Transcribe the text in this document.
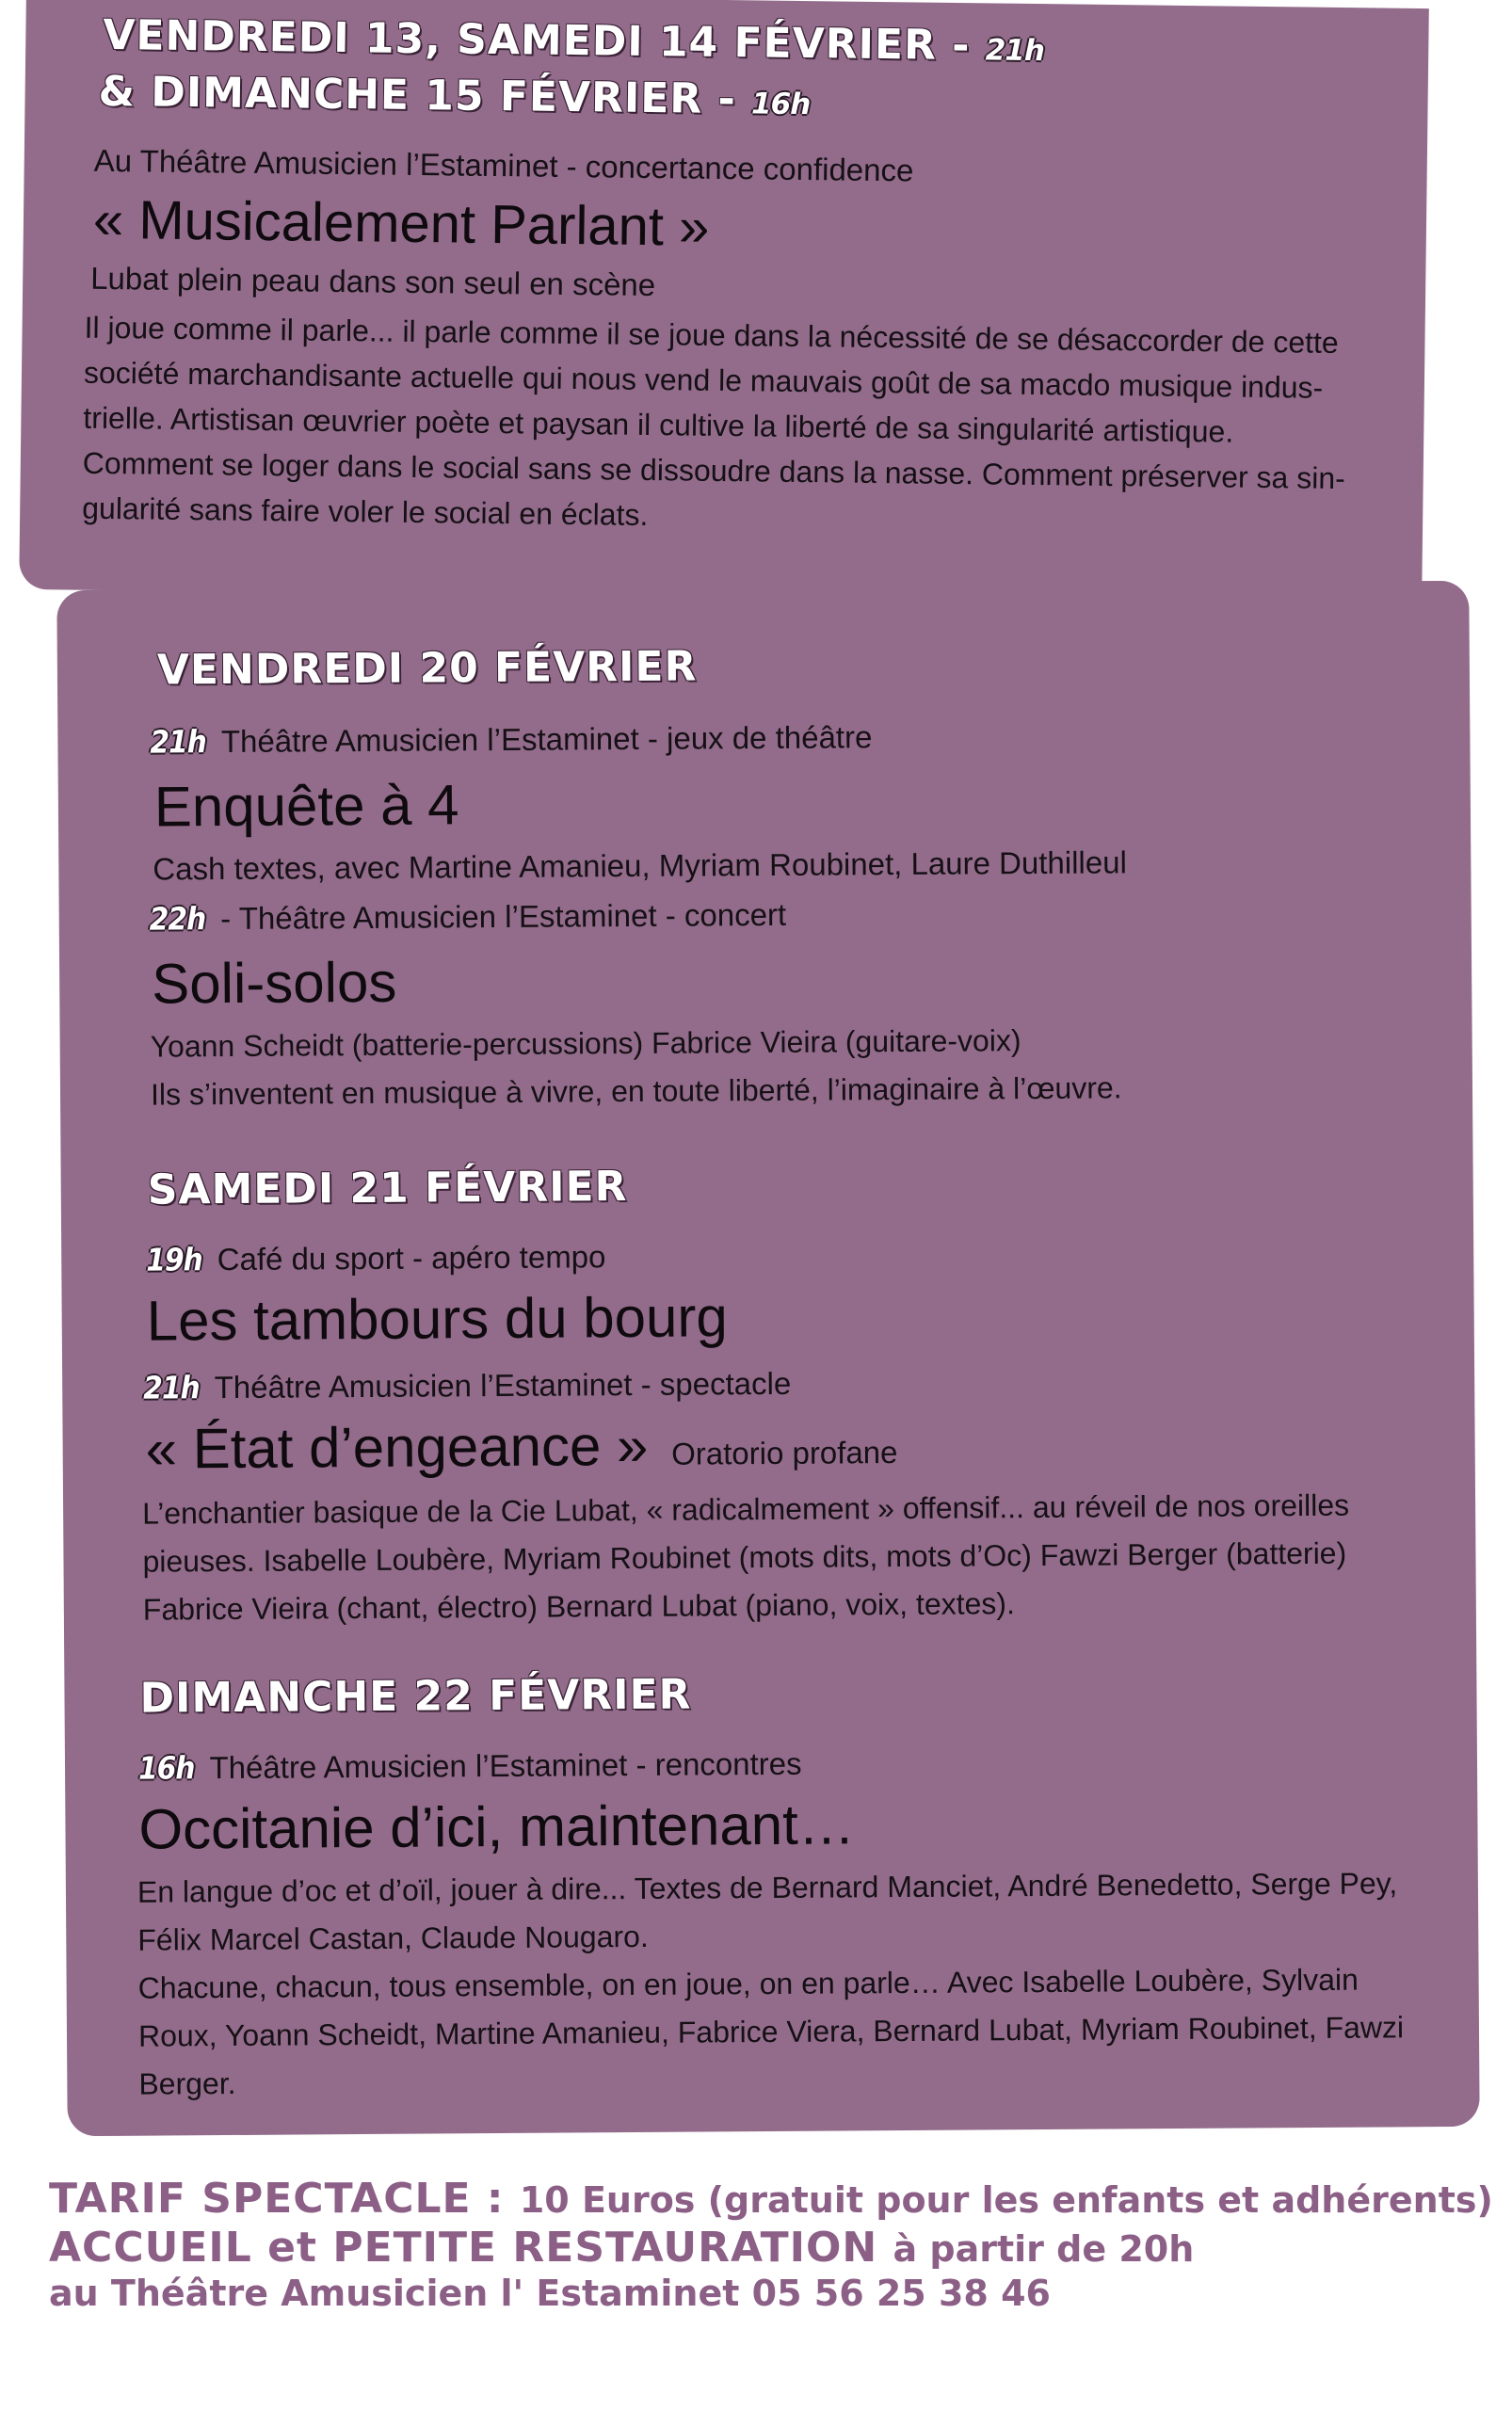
VENDREDI 13, SAMEDI 14 FÉVRIER - 21h
& DIMANCHE 15 FÉVRIER - 16h
Au Théâtre Amusicien l’Estaminet - concertance confidence
« Musicalement Parlant »
Lubat plein peau dans son seul en scène

Il joue comme il parle... il parle comme il se joue dans la nécessité de se désaccorder de cette

société marchandisante actuelle qui nous vend le mauvais goût de sa macdo musique indus-

trielle. Artistisan œuvrier poète et paysan il cultive la liberté de sa singularité artistique.

Comment se loger dans le social sans se dissoudre dans la nasse. Comment préserver sa sin-

gularité sans faire voler le social en éclats.

VENDREDI 20 FÉVRIER
21h Théâtre Amusicien l’Estaminet - jeux de théâtre
Enquête à 4
Cash textes, avec Martine Amanieu, Myriam Roubinet, Laure Duthilleul
22h - Théâtre Amusicien l’Estaminet - concert
Soli-solos

Yoann Scheidt (batterie-percussions) Fabrice Vieira (guitare-voix)

Ils s’inventent en musique à vivre, en toute liberté, l’imaginaire à l’œuvre.

SAMEDI 21 FÉVRIER
19h Café du sport - apéro tempo
Les tambours du bourg
21h Théâtre Amusicien l’Estaminet - spectacle
« État d’engeance » Oratorio profane

L’enchantier basique de la Cie Lubat, « radicalmement » offensif... au réveil de nos oreilles

pieuses. Isabelle Loubère, Myriam Roubinet (mots dits, mots d’Oc) Fawzi Berger (batterie)

Fabrice Vieira (chant, électro) Bernard Lubat (piano, voix, textes).

DIMANCHE 22 FÉVRIER
16h Théâtre Amusicien l’Estaminet - rencontres
Occitanie d’ici, maintenant…

En langue d’oc et d’oïl, jouer à dire... Textes de Bernard Manciet, André Benedetto, Serge Pey,

Félix Marcel Castan, Claude Nougaro.

Chacune, chacun, tous ensemble, on en joue, on en parle… Avec Isabelle Loubère, Sylvain

Roux, Yoann Scheidt, Martine Amanieu, Fabrice Viera, Bernard Lubat, Myriam Roubinet, Fawzi

Berger.

TARIF SPECTACLE : 10 Euros (gratuit pour les enfants et adhérents)
ACCUEIL et PETITE RESTAURATION à partir de 20h
au Théâtre Amusicien l' Estaminet 05 56 25 38 46
